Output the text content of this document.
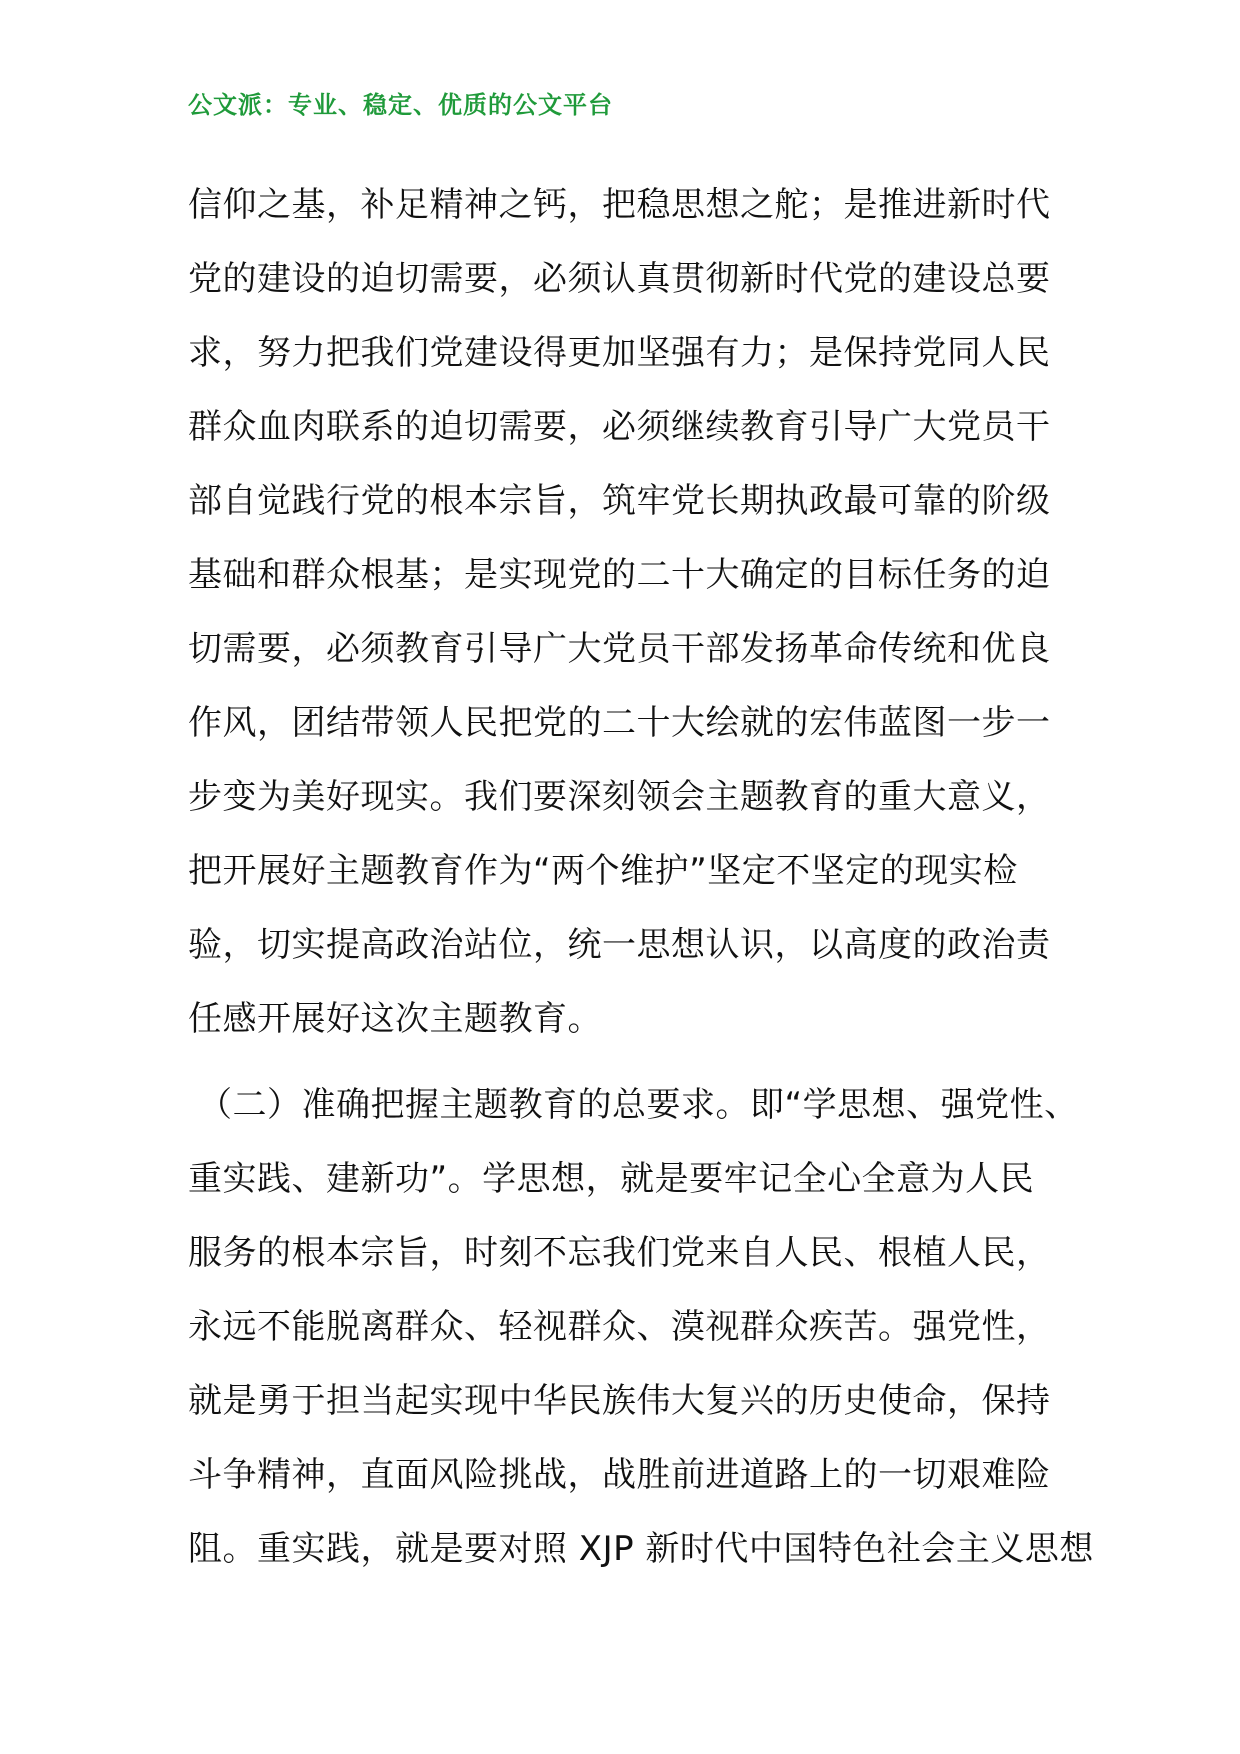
公文派：专业、稳定、优质的公文平台
信仰之基，补足精神之钙，把稳思想之舵；是推进新时代
党的建设的迫切需要，必须认真贯彻新时代党的建设总要
求，努力把我们党建设得更加坚强有力；是保持党同人民
群众血肉联系的迫切需要，必须继续教育引导广大党员干
部自觉践行党的根本宗旨，筑牢党长期执政最可靠的阶级
基础和群众根基；是实现党的二十大确定的目标任务的迫
切需要，必须教育引导广大党员干部发扬革命传统和优良
作风，团结带领人民把党的二十大绘就的宏伟蓝图一步一
步变为美好现实。我们要深刻领会主题教育的重大意义，
把开展好主题教育作为“两个维护”坚定不坚定的现实检
验，切实提高政治站位，统一思想认识，以高度的政治责
任感开展好这次主题教育。
（二）准确把握主题教育的总要求。即“学思想、强党性、
重实践、建新功”。学思想，就是要牢记全心全意为人民
服务的根本宗旨，时刻不忘我们党来自人民、根植人民，
永远不能脱离群众、轻视群众、漠视群众疾苦。强党性，
就是勇于担当起实现中华民族伟大复兴的历史使命，保持
斗争精神，直面风险挑战，战胜前进道路上的一切艰难险
阻。重实践，就是要对照 XJP 新时代中国特色社会主义思想
